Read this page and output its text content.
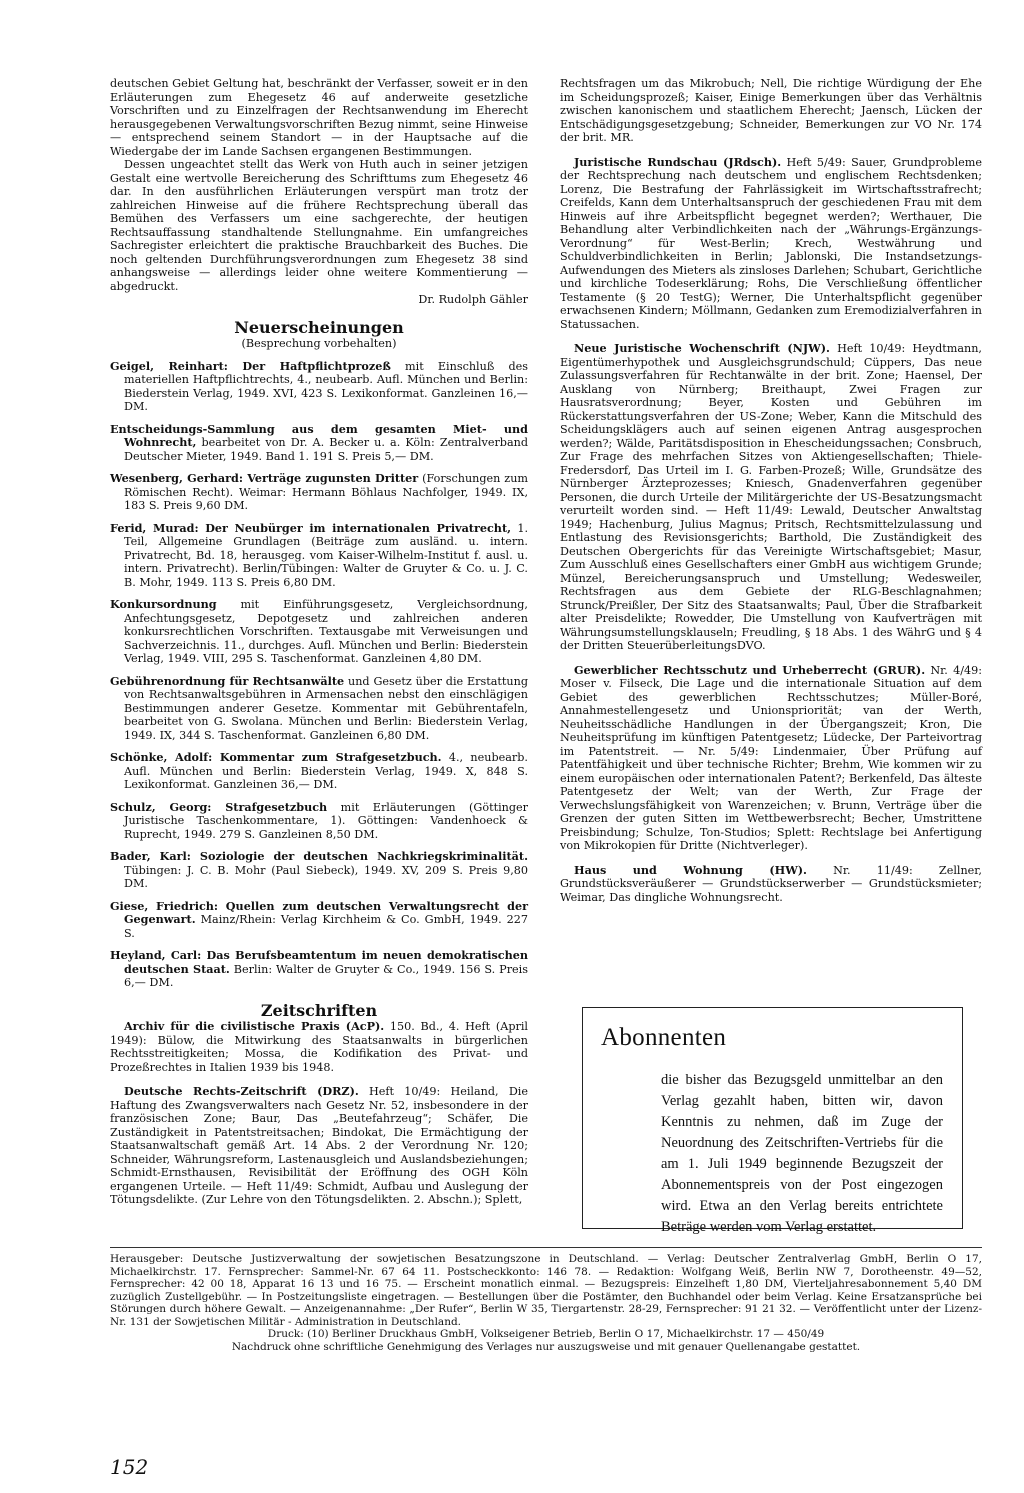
deutschen Gebiet Geltung hat, beschränkt der Verfasser, soweit er in den Erläuterungen zum Ehegesetz 46 auf anderweite gesetzliche Vorschriften und zu Einzelfragen der Rechtsanwendung im Eherecht herausgegebenen Verwaltungsvorschriften Bezug nimmt, seine Hinweise — entsprechend seinem Standort — in der Hauptsache auf die Wiedergabe der im Lande Sachsen ergangenen Bestimmungen.

Dessen ungeachtet stellt das Werk von Huth auch in seiner jetzigen Gestalt eine wertvolle Bereicherung des Schrifttums zum Ehegesetz 46 dar. In den ausführlichen Erläuterungen verspürt man trotz der zahlreichen Hinweise auf die frühere Rechtsprechung überall das Bemühen des Verfassers um eine sachgerechte, der heutigen Rechtsauffassung standhaltende Stellungnahme. Ein umfangreiches Sachregister erleichtert die praktische Brauchbarkeit des Buches. Die noch geltenden Durchführungsverordnungen zum Ehegesetz 38 sind anhangsweise — allerdings leider ohne weitere Kommentierung — abgedruckt.

Dr. Rudolph Gähler

Neuerscheinungen
(Besprechung vorbehalten)

Geigel, Reinhart: Der Haftpflichtprozeß mit Einschluß des materiellen Haftpflichtrechts, 4., neubearb. Aufl. München und Berlin: Biederstein Verlag, 1949. XVI, 423 S. Lexikonformat. Ganzleinen 16,— DM.

Entscheidungs-Sammlung aus dem gesamten Miet- und Wohnrecht, bearbeitet von Dr. A. Becker u. a. Köln: Zentralverband Deutscher Mieter, 1949. Band 1. 191 S. Preis 5,— DM.

Wesenberg, Gerhard: Verträge zugunsten Dritter (Forschungen zum Römischen Recht). Weimar: Hermann Böhlaus Nachfolger, 1949. IX, 183 S. Preis 9,60 DM.

Ferid, Murad: Der Neubürger im internationalen Privatrecht, 1. Teil, Allgemeine Grundlagen (Beiträge zum ausländ. u. intern. Privatrecht, Bd. 18, herausgeg. vom Kaiser-Wilhelm-Institut f. ausl. u. intern. Privatrecht). Berlin/Tübingen: Walter de Gruyter & Co. u. J. C. B. Mohr, 1949. 113 S. Preis 6,80 DM.

Konkursordnung mit Einführungsgesetz, Vergleichsordnung, Anfechtungsgesetz, Depotgesetz und zahlreichen anderen konkursrechtlichen Vorschriften. Textausgabe mit Verweisungen und Sachverzeichnis. 11., durchges. Aufl. München und Berlin: Biederstein Verlag, 1949. VIII, 295 S. Taschenformat. Ganzleinen 4,80 DM.

Gebührenordnung für Rechtsanwälte und Gesetz über die Erstattung von Rechtsanwaltsgebühren in Armensachen nebst den einschlägigen Bestimmungen anderer Gesetze. Kommentar mit Gebührentafeln, bearbeitet von G. Swolana. München und Berlin: Biederstein Verlag, 1949. IX, 344 S. Taschenformat. Ganzleinen 6,80 DM.

Schönke, Adolf: Kommentar zum Strafgesetzbuch. 4., neubearb. Aufl. München und Berlin: Biederstein Verlag, 1949. X, 848 S. Lexikonformat. Ganzleinen 36,— DM.

Schulz, Georg: Strafgesetzbuch mit Erläuterungen (Göttinger Juristische Taschenkommentare, 1). Göttingen: Vandenhoeck & Ruprecht, 1949. 279 S. Ganzleinen 8,50 DM.

Bader, Karl: Soziologie der deutschen Nachkriegskriminalität. Tübingen: J. C. B. Mohr (Paul Siebeck), 1949. XV, 209 S. Preis 9,80 DM.

Giese, Friedrich: Quellen zum deutschen Verwaltungsrecht der Gegenwart. Mainz/Rhein: Verlag Kirchheim & Co. GmbH, 1949. 227 S.

Heyland, Carl: Das Berufsbeamtentum im neuen demokratischen deutschen Staat. Berlin: Walter de Gruyter & Co., 1949. 156 S. Preis 6,— DM.

Zeitschriften

Archiv für die civilistische Praxis (AcP). 150. Bd., 4. Heft (April 1949): Bülow, die Mitwirkung des Staatsanwalts in bürgerlichen Rechtsstreitigkeiten; Mossa, die Kodifikation des Privat- und Prozeßrechtes in Italien 1939 bis 1948.

Deutsche Rechts-Zeitschrift (DRZ). Heft 10/49: Heiland, Die Haftung des Zwangsverwalters nach Gesetz Nr. 52, insbesondere in der französischen Zone; Baur, Das „Beutefahrzeug“; Schäfer, Die Zuständigkeit in Patentstreitsachen; Bindokat, Die Ermächtigung der Staatsanwaltschaft gemäß Art. 14 Abs. 2 der Verordnung Nr. 120; Schneider, Währungsreform, Lastenausgleich und Auslandsbeziehungen; Schmidt-Ernsthausen, Revisibilität der Eröffnung des OGH Köln ergangenen Urteile. — Heft 11/49: Schmidt, Aufbau und Auslegung der Tötungsdelikte. (Zur Lehre von den Tötungsdelikten. 2. Abschn.); Splett,

Rechtsfragen um das Mikrobuch; Nell, Die richtige Würdigung der Ehe im Scheidungsprozeß; Kaiser, Einige Bemerkungen über das Verhältnis zwischen kanonischem und staatlichem Eherecht; Jaensch, Lücken der Entschädigungsgesetzgebung; Schneider, Bemerkungen zur VO Nr. 174 der brit. MR.

Juristische Rundschau (JRdsch). Heft 5/49: Sauer, Grundprobleme der Rechtsprechung nach deutschem und englischem Rechtsdenken; Lorenz, Die Bestrafung der Fahrlässigkeit im Wirtschaftsstrafrecht; Creifelds, Kann dem Unterhaltsanspruch der geschiedenen Frau mit dem Hinweis auf ihre Arbeitspflicht begegnet werden?; Werthauer, Die Behandlung alter Verbindlichkeiten nach der „Währungs-Ergänzungs-Verordnung“ für West-Berlin; Krech, Westwährung und Schuldverbindlichkeiten in Berlin; Jablonski, Die Instandsetzungs-Aufwendungen des Mieters als zinsloses Darlehen; Schubart, Gerichtliche und kirchliche Todeserklärung; Rohs, Die Verschließung öffentlicher Testamente (§ 20 TestG); Werner, Die Unterhaltspflicht gegenüber erwachsenen Kindern; Möllmann, Gedanken zum Eremodizialverfahren in Statussachen.

Neue Juristische Wochenschrift (NJW). Heft 10/49: Heydtmann, Eigentümerhypothek und Ausgleichsgrundschuld; Cüppers, Das neue Zulassungsverfahren für Rechtanwälte in der brit. Zone; Haensel, Der Ausklang von Nürnberg; Breithaupt, Zwei Fragen zur Hausratsverordnung; Beyer, Kosten und Gebühren im Rückerstattungsverfahren der US-Zone; Weber, Kann die Mitschuld des Scheidungsklägers auch auf seinen eigenen Antrag ausgesprochen werden?; Wälde, Paritätsdisposition in Ehescheidungssachen; Consbruch, Zur Frage des mehrfachen Sitzes von Aktiengesellschaften; Thiele-Fredersdorf, Das Urteil im I. G. Farben-Prozeß; Wille, Grundsätze des Nürnberger Ärzteprozesses; Kniesch, Gnadenverfahren gegenüber Personen, die durch Urteile der Militärgerichte der US-Besatzungsmacht verurteilt worden sind. — Heft 11/49: Lewald, Deutscher Anwaltstag 1949; Hachenburg, Julius Magnus; Pritsch, Rechtsmittelzulassung und Entlastung des Revisionsgerichts; Barthold, Die Zuständigkeit des Deutschen Obergerichts für das Vereinigte Wirtschaftsgebiet; Masur, Zum Ausschluß eines Gesellschafters einer GmbH aus wichtigem Grunde; Münzel, Bereicherungsanspruch und Umstellung; Wedesweiler, Rechtsfragen aus dem Gebiete der RLG-Beschlagnahmen; Strunck/Preißler, Der Sitz des Staatsanwalts; Paul, Über die Strafbarkeit alter Preisdelikte; Rowedder, Die Umstellung von Kaufverträgen mit Währungsumstellungsklauseln; Freudling, § 18 Abs. 1 des WährG und § 4 der Dritten SteuerüberleitungsDVO.

Gewerblicher Rechtsschutz und Urheberrecht (GRUR). Nr. 4/49: Moser v. Filseck, Die Lage und die internationale Situation auf dem Gebiet des gewerblichen Rechtsschutzes; Müller-Boré, Annahmestellengesetz und Unionspriorität; van der Werth, Neuheitsschädliche Handlungen in der Übergangszeit; Kron, Die Neuheitsprüfung im künftigen Patentgesetz; Lüdecke, Der Parteivortrag im Patentstreit. — Nr. 5/49: Lindenmaier, Über Prüfung auf Patentfähigkeit und über technische Richter; Brehm, Wie kommen wir zu einem europäischen oder internationalen Patent?; Berkenfeld, Das älteste Patentgesetz der Welt; van der Werth, Zur Frage der Verwechslungsfähigkeit von Warenzeichen; v. Brunn, Verträge über die Grenzen der guten Sitten im Wettbewerbsrecht; Becher, Umstrittene Preisbindung; Schulze, Ton-Studios; Splett: Rechtslage bei Anfertigung von Mikrokopien für Dritte (Nichtverleger).

Haus und Wohnung (HW). Nr. 11/49: Zellner, Grundstücksveräußerer — Grundstückserwerber — Grundstücksmieter; Weimar, Das dingliche Wohnungsrecht.

Abonnenten
die bisher das Bezugsgeld unmittelbar an den Verlag gezahlt haben, bitten wir, davon Kenntnis zu nehmen, daß im Zuge der Neuordnung des Zeitschriften-Vertriebs für die am 1. Juli 1949 beginnende Bezugszeit der Abonnementspreis von der Post eingezogen wird. Etwa an den Verlag bereits entrichtete Beträge werden vom Verlag erstattet.

Herausgeber: Deutsche Justizverwaltung der sowjetischen Besatzungszone in Deutschland. — Verlag: Deutscher Zentralverlag GmbH, Berlin O 17, Michaelkirchstr. 17. Fernsprecher: Sammel-Nr. 67 64 11. Postscheckkonto: 146 78. — Redaktion: Wolfgang Weiß, Berlin NW 7, Dorotheenstr. 49—52, Fernsprecher: 42 00 18, Apparat 16 13 und 16 75. — Erscheint monatlich einmal. — Bezugspreis: Einzelheft 1,80 DM, Vierteljahresabonnement 5,40 DM zuzüglich Zustellgebühr. — In Postzeitungsliste eingetragen. — Bestellungen über die Postämter, den Buchhandel oder beim Verlag. Keine Ersatzansprüche bei Störungen durch höhere Gewalt. — Anzeigenannahme: „Der Rufer“, Berlin W 35, Tiergartenstr. 28-29, Fernsprecher: 91 21 32. — Veröffentlicht unter der Lizenz-Nr. 131 der Sowjetischen Militär - Administration in Deutschland.

Druck: (10) Berliner Druckhaus GmbH, Volkseigener Betrieb, Berlin O 17, Michaelkirchstr. 17 — 450/49

Nachdruck ohne schriftliche Genehmigung des Verlages nur auszugsweise und mit genauer Quellenangabe gestattet.

152
